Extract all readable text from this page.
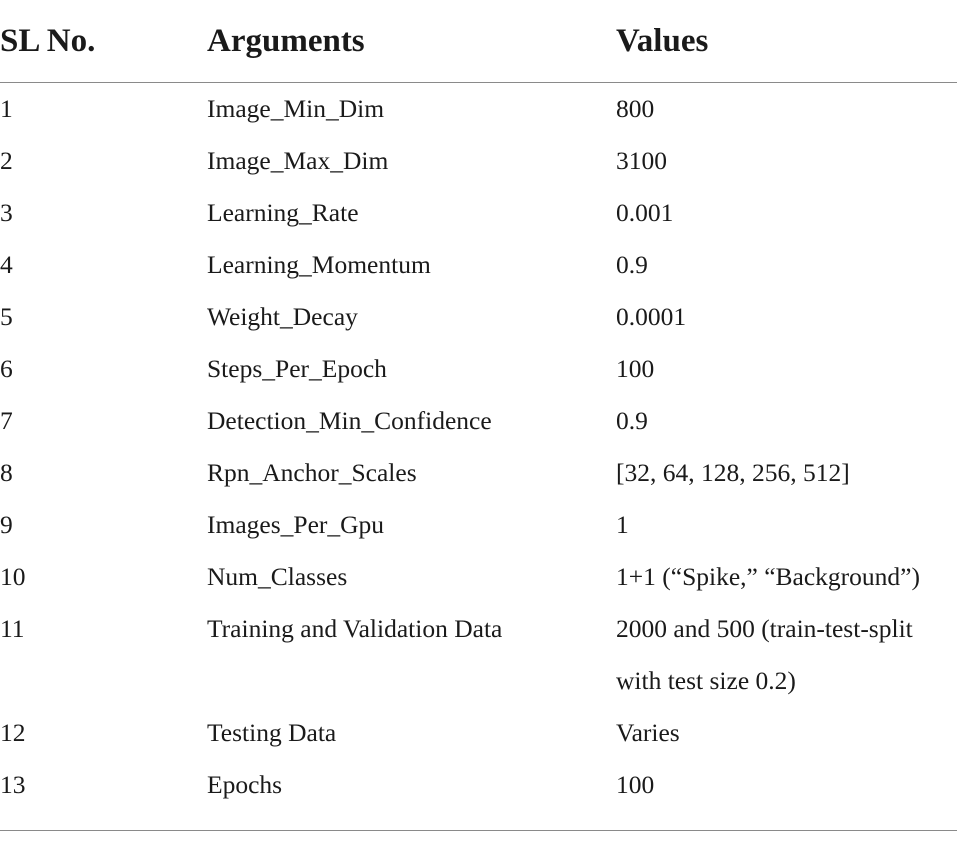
SL No.	Arguments	Values
1	Image_Min_Dim	800
2	Image_Max_Dim	3100
3	Learning_Rate	0.001
4	Learning_Momentum	0.9
5	Weight_Decay	0.0001
6	Steps_Per_Epoch	100
7	Detection_Min_Confidence	0.9
8	Rpn_Anchor_Scales	[32, 64, 128, 256, 512]
9	Images_Per_Gpu	1
10	Num_Classes	1+1 (“Spike,” “Background”)
11	Training and Validation Data	2000 and 500 (train-test-split with test size 0.2)
12	Testing Data	Varies
13	Epochs	100
